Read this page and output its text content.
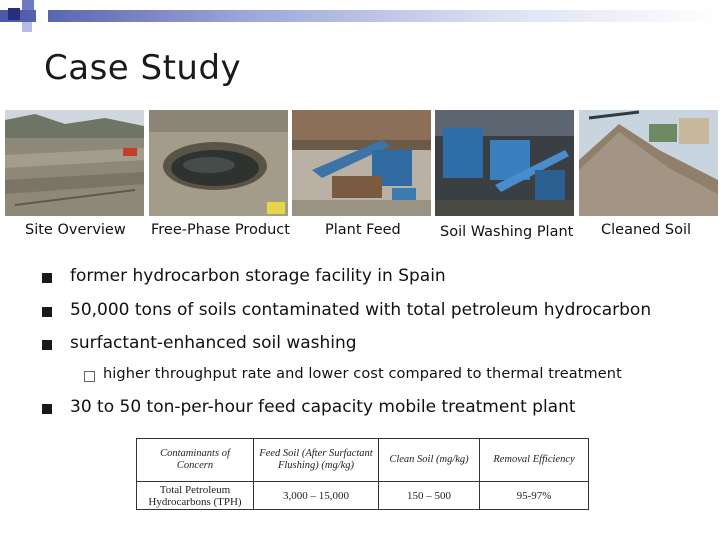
Case Study
Site Overview Free-Phase Product Plant Feed	Soil Washing Plant Cleaned Soil
former hydrocarbon storage facility in Spain
50,000 tons of soils contaminated with total petroleum hydrocarbon
surfactant-enhanced soil washing
higher throughput rate and lower cost compared to thermal treatment
30 to 50 ton-per-hour feed capacity mobile treatment plant
Contaminants of Concern	Feed Soil (After Surfactant Flushing) (mg/kg)	Clean Soil (mg/kg)	Removal Efficiency
Total Petroleum Hydrocarbons (TPH)	3,000 – 15,000	150 – 500	95-97%
